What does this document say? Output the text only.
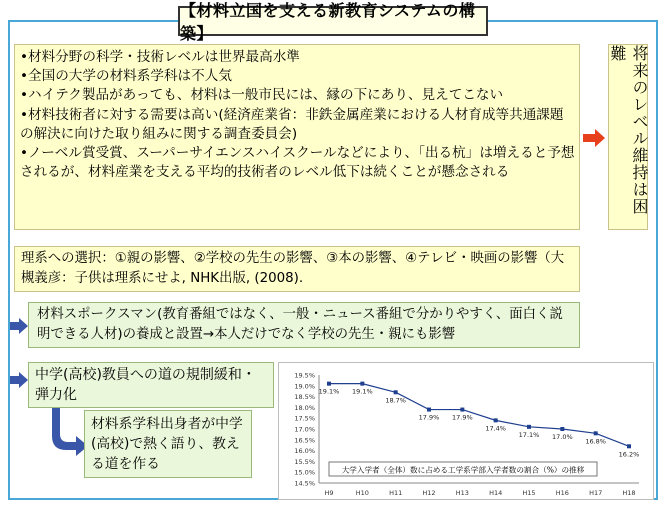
【材料立国を支える新教育システムの構築】
•材料分野の科学・技術レベルは世界最高水準
•全国の大学の材料系学科は不人気
•ハイテク製品があっても、材料は一般市民には、縁の下にあり、見えてこない
•材料技術者に対する需要は高い(経済産業省：非鉄金属産業における人材育成等共通課題の解決に向けた取り組みに関する調査委員会)
•ノーベル賞受賞、スーパーサイエンスハイスクールなどにより、「出る杭」は増えると予想されるが、材料産業を支える平均的技術者のレベル低下は続くことが懸念される	将来のレベル維持は困難
理系への選択：①親の影響、②学校の先生の影響、③本の影響、④テレビ・映画の影響（大槻義彦：子供は理系にせよ, NHK出版, (2008).
材料スポークスマン(教育番組ではなく、一般・ニュース番組で分かりやすく、面白く説明できる人材)の養成と設置→本人だけでなく学校の先生・親にも影響
中学(高校)教員への道の規制緩和・弾力化
材料系学科出身者が中学(高校)で熱く語り、教える道を作る
19.5%
19.0%
18.5%
18.0%
17.5%
17.0%
16.5%
16.0%
15.5%
15.0%
14.5%
H9	H10	H11	H12	H13	H14	H15	H16	H17	H18
19.1% 19.1%
18.7%
17.9% 17.9%
17.4%
17.1% 17.0%
16.8%
16.2%
大学入学者（全体）数に占める工学系学部入学者数の割合（%）の推移
